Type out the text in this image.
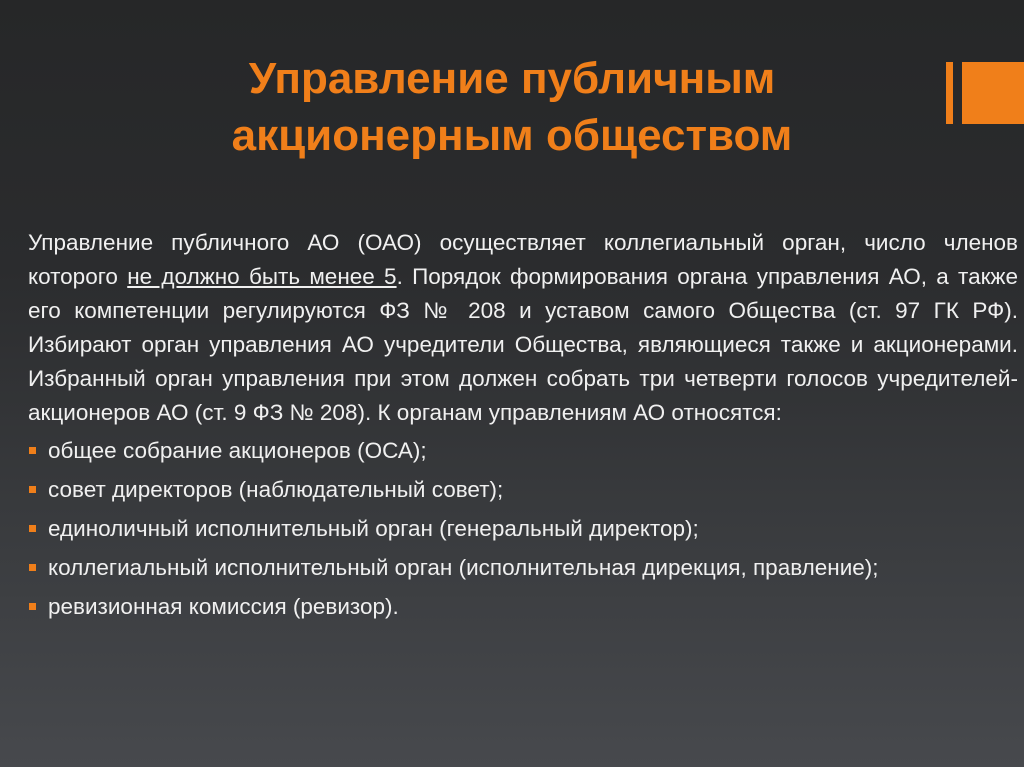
Управление публичным
акционерным обществом

Управление публичного АО (ОАО) осуществляет коллегиальный орган, число членов которого не должно быть менее 5. Порядок формирования органа управления АО, а также его компетенции регулируются ФЗ № 208 и уставом самого Общества (ст. 97 ГК РФ). Избирают орган управления АО учредители Общества, являющиеся также и акционерами. Избранный орган управления при этом должен собрать три четверти голосов учредителей-акционеров АО (ст. 9 ФЗ № 208). К органам управлениям АО относятся:

общее собрание акционеров (ОСА);
совет директоров (наблюдательный совет);
единоличный исполнительный орган (генеральный директор);
коллегиальный исполнительный орган (исполнительная дирекция, правление);
ревизионная комиссия (ревизор).
